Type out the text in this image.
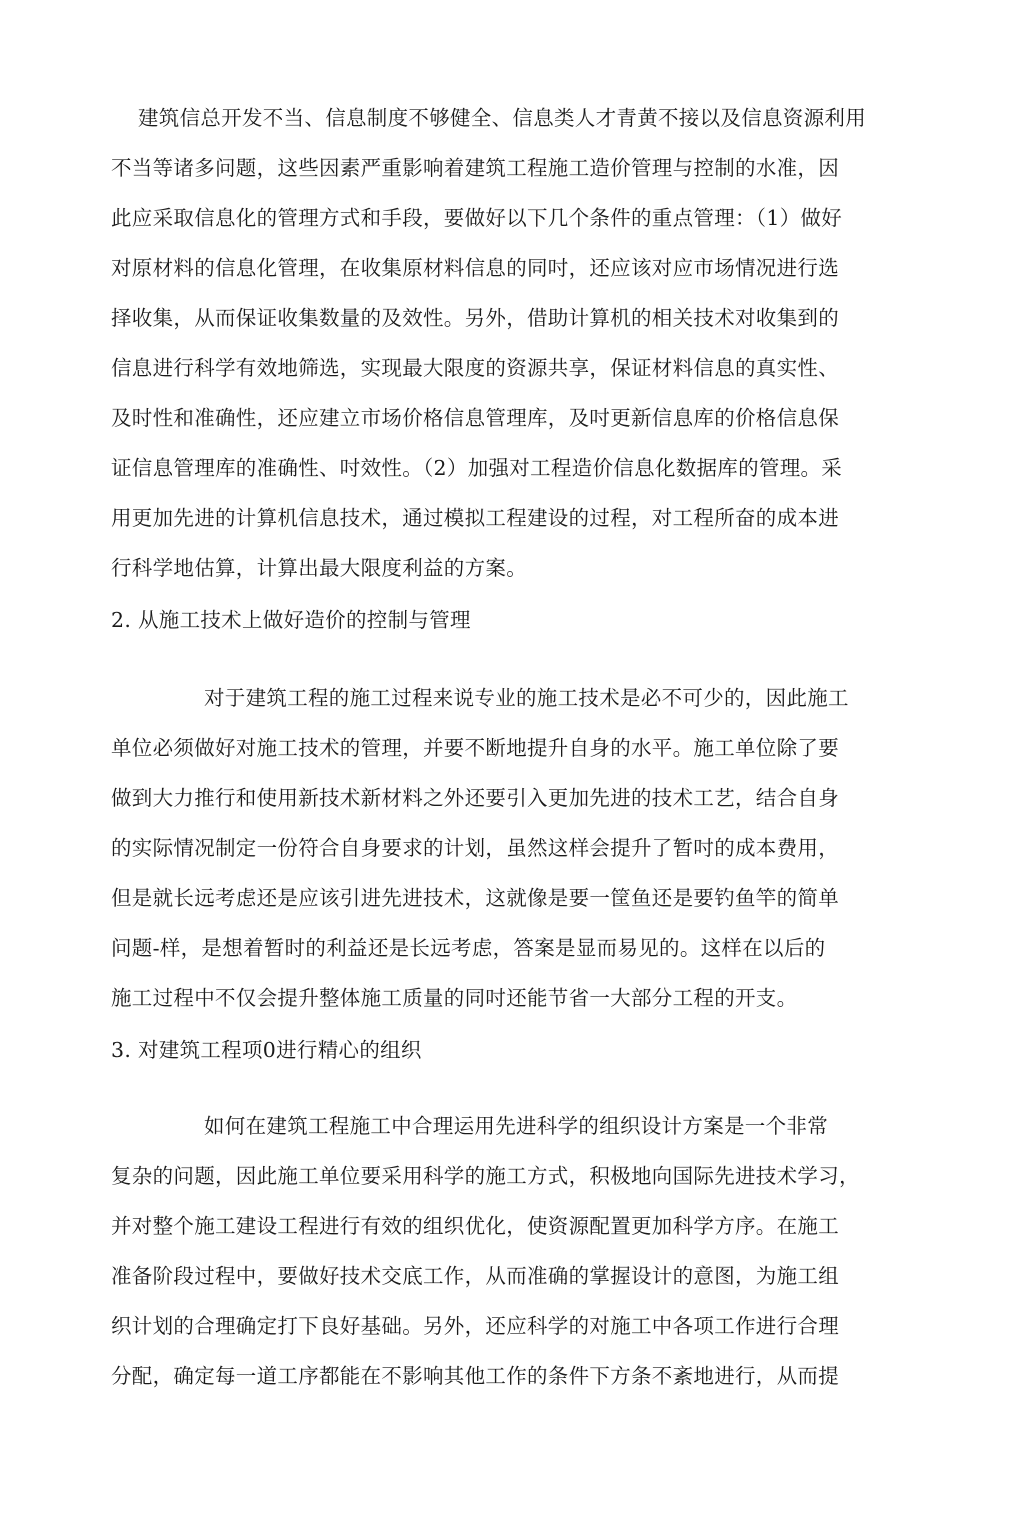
建筑信总开发不当、信息制度不够健全、信息类人才青黄不接以及信息资源利用
不当等诸多问题，这些因素严重影响着建筑工程施工造价管理与控制的水准，因
此应采取信息化的管理方式和手段，要做好以下几个条件的重点管理：（1）做好
对原材料的信息化管理，在收集原材料信息的同吋，还应该对应市场情况进行选
择收集，从而保证收集数量的及效性。另外，借助计算机的相关技术对收集到的
信息进行科学有效地筛选，实现最大限度的资源共享，保证材料信息的真实性、
及时性和准确性，还应建立市场价格信息管理库，及吋更新信息库的价格信息保
证信息管理库的准确性、吋效性。（2）加强对工程造价信息化数据库的管理。采
用更加先进的计算机信息技术，通过模拟工程建设的过程，对工程所奋的成本进
行科学地估算，计算出最大限度利益的方案。
2. 从施工技术上做好造价的控制与管理
对于建筑工程的施工过程来说专业的施工技术是必不可少的，因此施工
单位必须做好对施工技术的管理，并要不断地提升自身的水平。施工单位除了要
做到大力推行和使用新技术新材料之外还要引入更加先进的技术工艺，结合自身
的实际情况制定一份符合自身要求的计划，虽然这样会提升了暂吋的成本费用，
但是就长远考虑还是应该引进先进技术，这就像是要一筐鱼还是要钓鱼竿的简单
问题-样，是想着暂时的利益还是长远考虑，答案是显而易见的。这样在以后的
施工过程中不仅会提升整体施工质量的同吋还能节省一大部分工程的开支。
3. 对建筑工程项0进行精心的组织
如何在建筑工程施工中合理运用先进科学的组织设计方案是一个非常
复杂的问题，因此施工单位要采用科学的施工方式，积极地向国际先进技术学习，
并对整个施工建设工程进行有效的组织优化，使资源配置更加科学方序。在施工
准备阶段过程中，要做好技术交底工作，从而准确的掌握设计的意图，为施工组
织计划的合理确定打下良好基础。另外，还应科学的对施工中各项工作进行合理
分配，确定每一道工序都能在不影响其他工作的条件下方条不紊地进行，从而提
